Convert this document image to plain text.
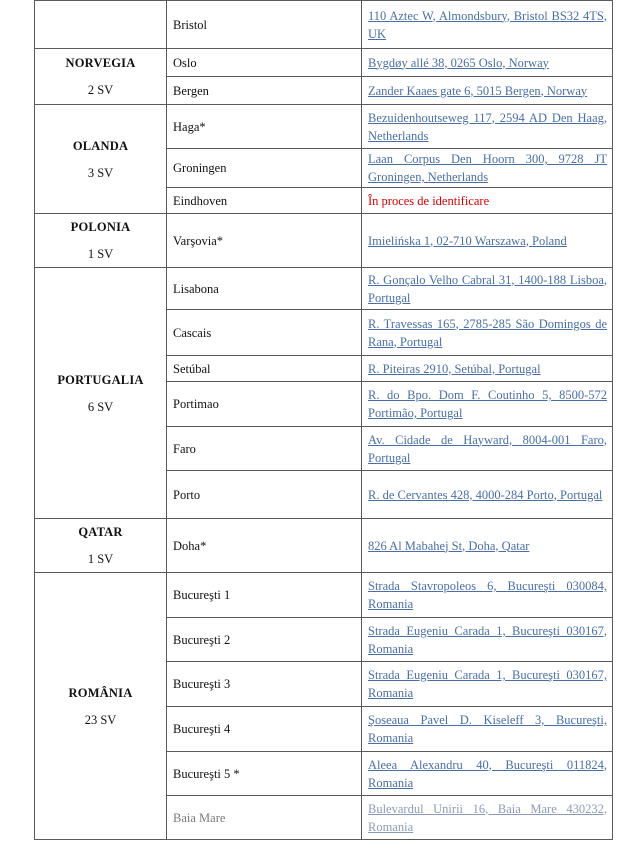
	Bristol	110 Aztec W, Almondsbury, Bristol BS32 4TS, UK

NORVEGIA
2 SV	Oslo	Bygdøy allé 38, 0265 Oslo, Norway
	Bergen	Zander Kaaes gate 6, 5015 Bergen, Norway

OLANDA
3 SV	Haga*	Bezuidenhoutseweg 117, 2594 AD Den Haag, Netherlands
	Groningen	Laan Corpus Den Hoorn 300, 9728 JT Groningen, Netherlands
	Eindhoven	În proces de identificare

POLONIA
1 SV	Varşovia*	Imielińska 1, 02-710 Warszawa, Poland

PORTUGALIA
6 SV	Lisabona	R. Gonçalo Velho Cabral 31, 1400-188 Lisboa, Portugal
	Cascais	R. Travessas 165, 2785-285 São Domingos de Rana, Portugal
	Setúbal	R. Piteiras 2910, Setúbal, Portugal
	Portimao	R. do Bpo. Dom F. Coutinho 5, 8500-572 Portimão, Portugal
	Faro	Av. Cidade de Hayward, 8004-001 Faro, Portugal
	Porto	R. de Cervantes 428, 4000-284 Porto, Portugal

QATAR
1 SV	Doha*	826 Al Mabahej St, Doha, Qatar

ROMÂNIA
23 SV	Bucureşti 1	Strada Stavropoleos 6, Bucureşti 030084, Romania
	Bucureşti 2	Strada Eugeniu Carada 1, Bucureşti 030167, Romania
	Bucureşti 3	Strada Eugeniu Carada 1, Bucureşti 030167, Romania
	Bucureşti 4	Şoseaua Pavel D. Kiseleff 3, Bucureşti, Romania
	Bucureşti 5 *	Aleea Alexandru 40, Bucureşti 011824, Romania
	Baia Mare	Bulevardul Unirii 16, Baia Mare 430232, Romania
